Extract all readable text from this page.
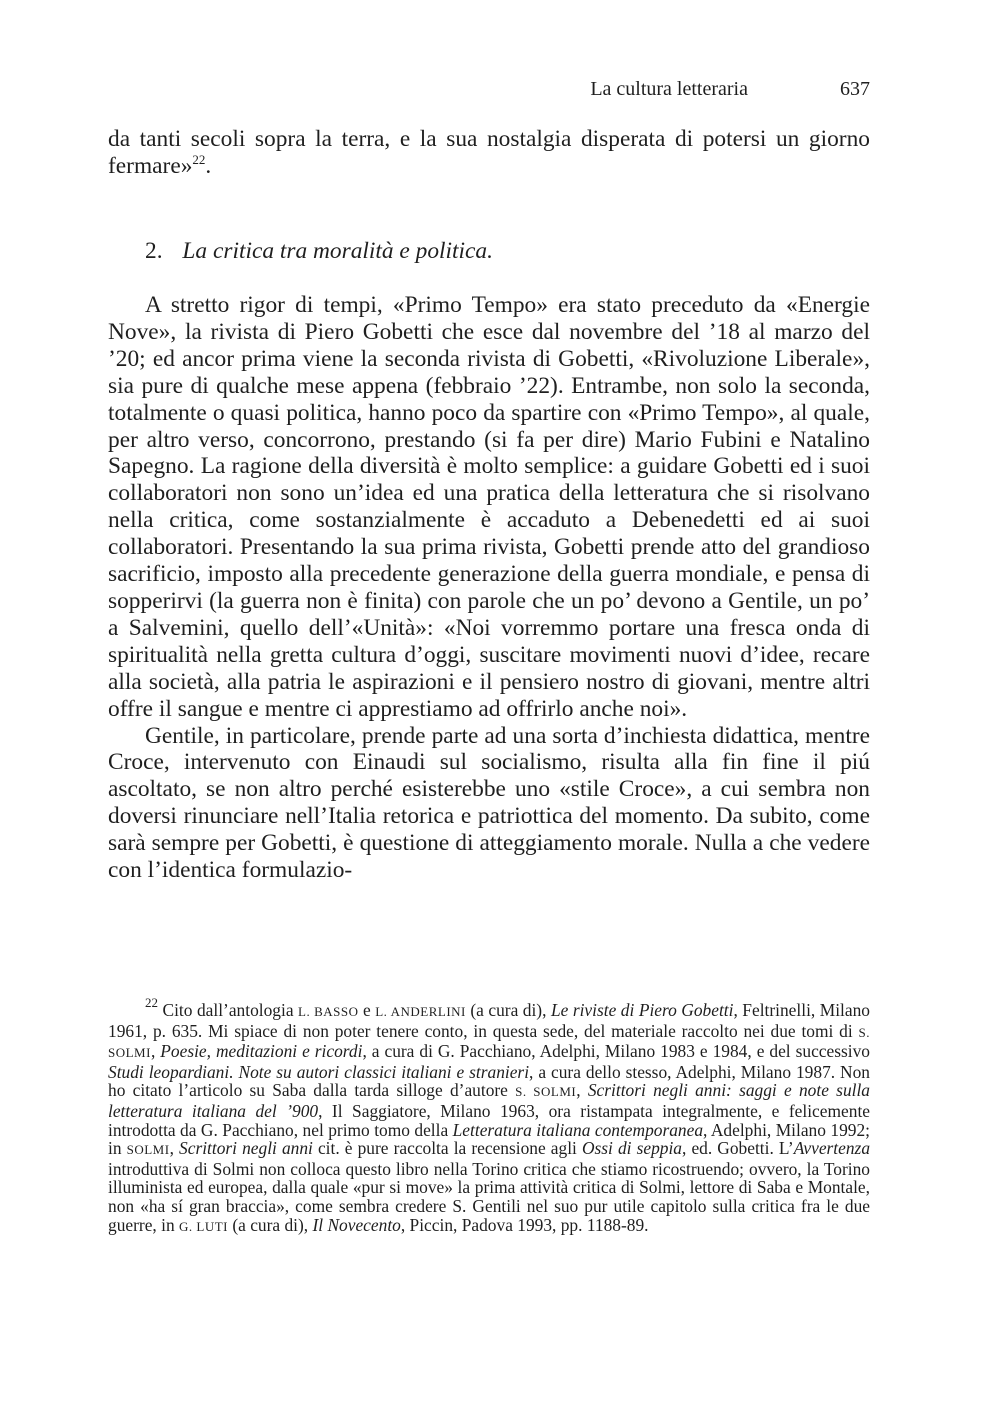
La cultura letteraria	637

da tanti secoli sopra la terra, e la sua nostalgia disperata di potersi un giorno fermare»$^{22}$.

2. La critica tra moralità e politica.

A stretto rigor di tempi, «Primo Tempo» era stato preceduto da «Energie Nove», la rivista di Piero Gobetti che esce dal novembre del ’18 al marzo del ’20; ed ancor prima viene la seconda rivista di Gobetti, «Rivoluzione Liberale», sia pure di qualche mese appena (febbraio ’22). Entrambe, non solo la seconda, totalmente o quasi politica, hanno poco da spartire con «Primo Tempo», al quale, per altro verso, concorrono, prestando (si fa per dire) Mario Fubini e Natalino Sapegno. La ragione della diversità è molto semplice: a guidare Gobetti ed i suoi collaboratori non sono un’idea ed una pratica della letteratura che si risolvano nella critica, come sostanzialmente è accaduto a Debenedetti ed ai suoi collaboratori. Presentando la sua prima rivista, Gobetti prende atto del grandioso sacrificio, imposto alla precedente generazione della guerra mondiale, e pensa di sopperirvi (la guerra non è finita) con parole che un po’ devono a Gentile, un po’ a Salvemini, quello dell’«Unità»: «Noi vorremmo portare una fresca onda di spiritualità nella gretta cultura d’oggi, suscitare movimenti nuovi d’idee, recare alla società, alla patria le aspirazioni e il pensiero nostro di giovani, mentre altri offre il sangue e mentre ci apprestiamo ad offrirlo anche noi».

Gentile, in particolare, prende parte ad una sorta d’inchiesta didattica, mentre Croce, intervenuto con Einaudi sul socialismo, risulta alla fin fine il piú ascoltato, se non altro perché esisterebbe uno «stile Croce», a cui sembra non doversi rinunciare nell’Italia retorica e patriottica del momento. Da subito, come sarà sempre per Gobetti, è questione di atteggiamento morale. Nulla a che vedere con l’identica formulazio-

$^{22}$ Cito dall’antologia L. BASSO e L. ANDERLINI (a cura di), Le riviste di Piero Gobetti, Feltrinelli, Milano 1961, p. 635. Mi spiace di non poter tenere conto, in questa sede, del materiale raccolto nei due tomi di S. SOLMI, Poesie, meditazioni e ricordi, a cura di G. Pacchiano, Adelphi, Milano 1983 e 1984, e del successivo Studi leopardiani. Note su autori classici italiani e stranieri, a cura dello stesso, Adelphi, Milano 1987. Non ho citato l’articolo su Saba dalla tarda silloge d’autore S. SOLMI, Scrittori negli anni: saggi e note sulla letteratura italiana del ’900, Il Saggiatore, Milano 1963, ora ristampata integralmente, e felicemente introdotta da G. Pacchiano, nel primo tomo della Letteratura italiana contemporanea, Adelphi, Milano 1992; in SOLMI, Scrittori negli anni cit. è pure raccolta la recensione agli Ossi di seppia, ed. Gobetti. L’Avvertenza introduttiva di Solmi non colloca questo libro nella Torino critica che stiamo ricostruendo; ovvero, la Torino illuminista ed europea, dalla quale «pur si move» la prima attività critica di Solmi, lettore di Saba e Montale, non «ha sí gran braccia», come sembra credere S. Gentili nel suo pur utile capitolo sulla critica fra le due guerre, in G. LUTI (a cura di), Il Novecento, Piccin, Padova 1993, pp. 1188-89.
